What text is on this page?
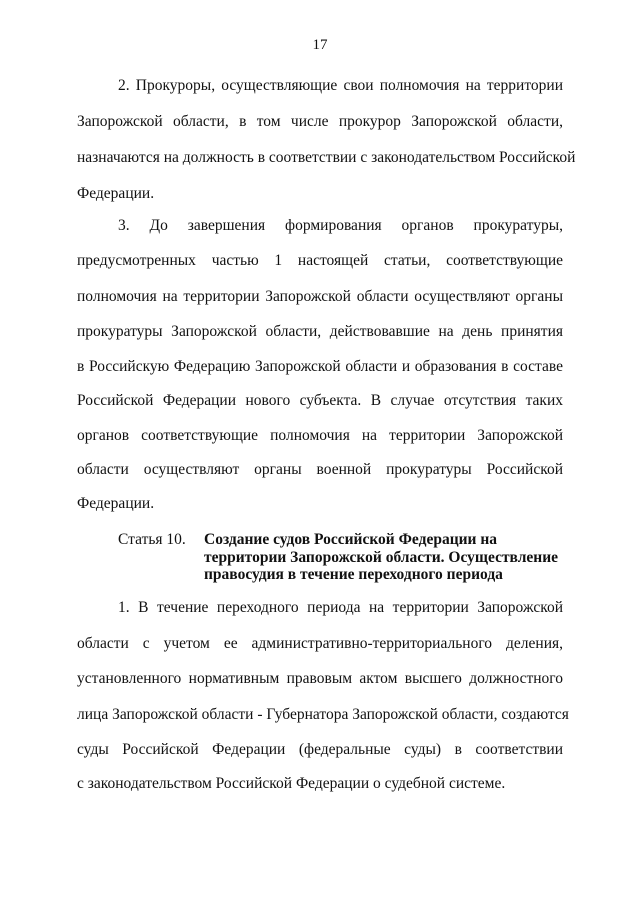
17
2. Прокуроры, осуществляющие свои полномочия на территории
Запорожской области, в том числе прокурор Запорожской области,
назначаются на должность в соответствии с законодательством Российской
Федерации.
3. До завершения формирования органов прокуратуры,
предусмотренных частью 1 настоящей статьи, соответствующие
полномочия на территории Запорожской области осуществляют органы
прокуратуры Запорожской области, действовавшие на день принятия
в Российскую Федерацию Запорожской области и образования в составе
Российской Федерации нового субъекта. В случае отсутствия таких
органов соответствующие полномочия на территории Запорожской
области осуществляют органы военной прокуратуры Российской
Федерации.
Статья 10. Создание судов Российской Федерации на
территории Запорожской области. Осуществление
правосудия в течение переходного периода
1. В течение переходного периода на территории Запорожской
области с учетом ее административно-территориального деления,
установленного нормативным правовым актом высшего должностного
лица Запорожской области - Губернатора Запорожской области, создаются
суды Российской Федерации (федеральные суды) в соответствии
с законодательством Российской Федерации о судебной системе.
